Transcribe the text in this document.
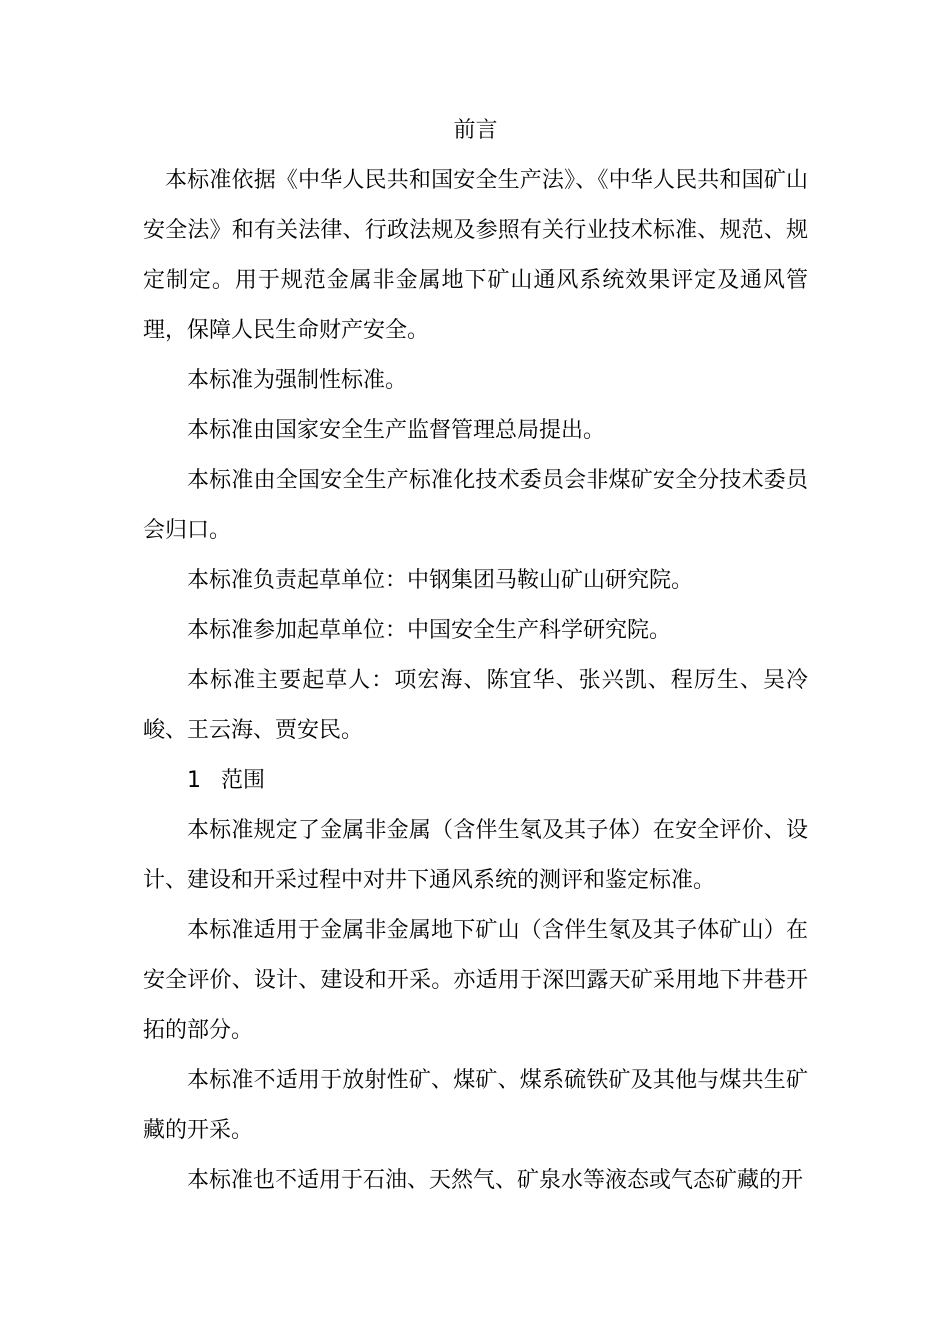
前言

本标准依据《中华人民共和国安全生产法》、《中华人民共和国矿山安全法》和有关法律、行政法规及参照有关行业技术标准、规范、规定制定。用于规范金属非金属地下矿山通风系统效果评定及通风管理，保障人民生命财产安全。

本标准为强制性标准。

本标准由国家安全生产监督管理总局提出。

本标准由全国安全生产标准化技术委员会非煤矿安全分技术委员会归口。

本标准负责起草单位：中钢集团马鞍山矿山研究院。

本标准参加起草单位：中国安全生产科学研究院。

本标准主要起草人：项宏海、陈宜华、张兴凯、程厉生、吴冷峻、王云海、贾安民。

1 范围

本标准规定了金属非金属（含伴生氡及其子体）在安全评价、设计、建设和开采过程中对井下通风系统的测评和鉴定标准。

本标准适用于金属非金属地下矿山（含伴生氡及其子体矿山）在安全评价、设计、建设和开采。亦适用于深凹露天矿采用地下井巷开拓的部分。

本标准不适用于放射性矿、煤矿、煤系硫铁矿及其他与煤共生矿藏的开采。

本标准也不适用于石油、天然气、矿泉水等液态或气态矿藏的开
